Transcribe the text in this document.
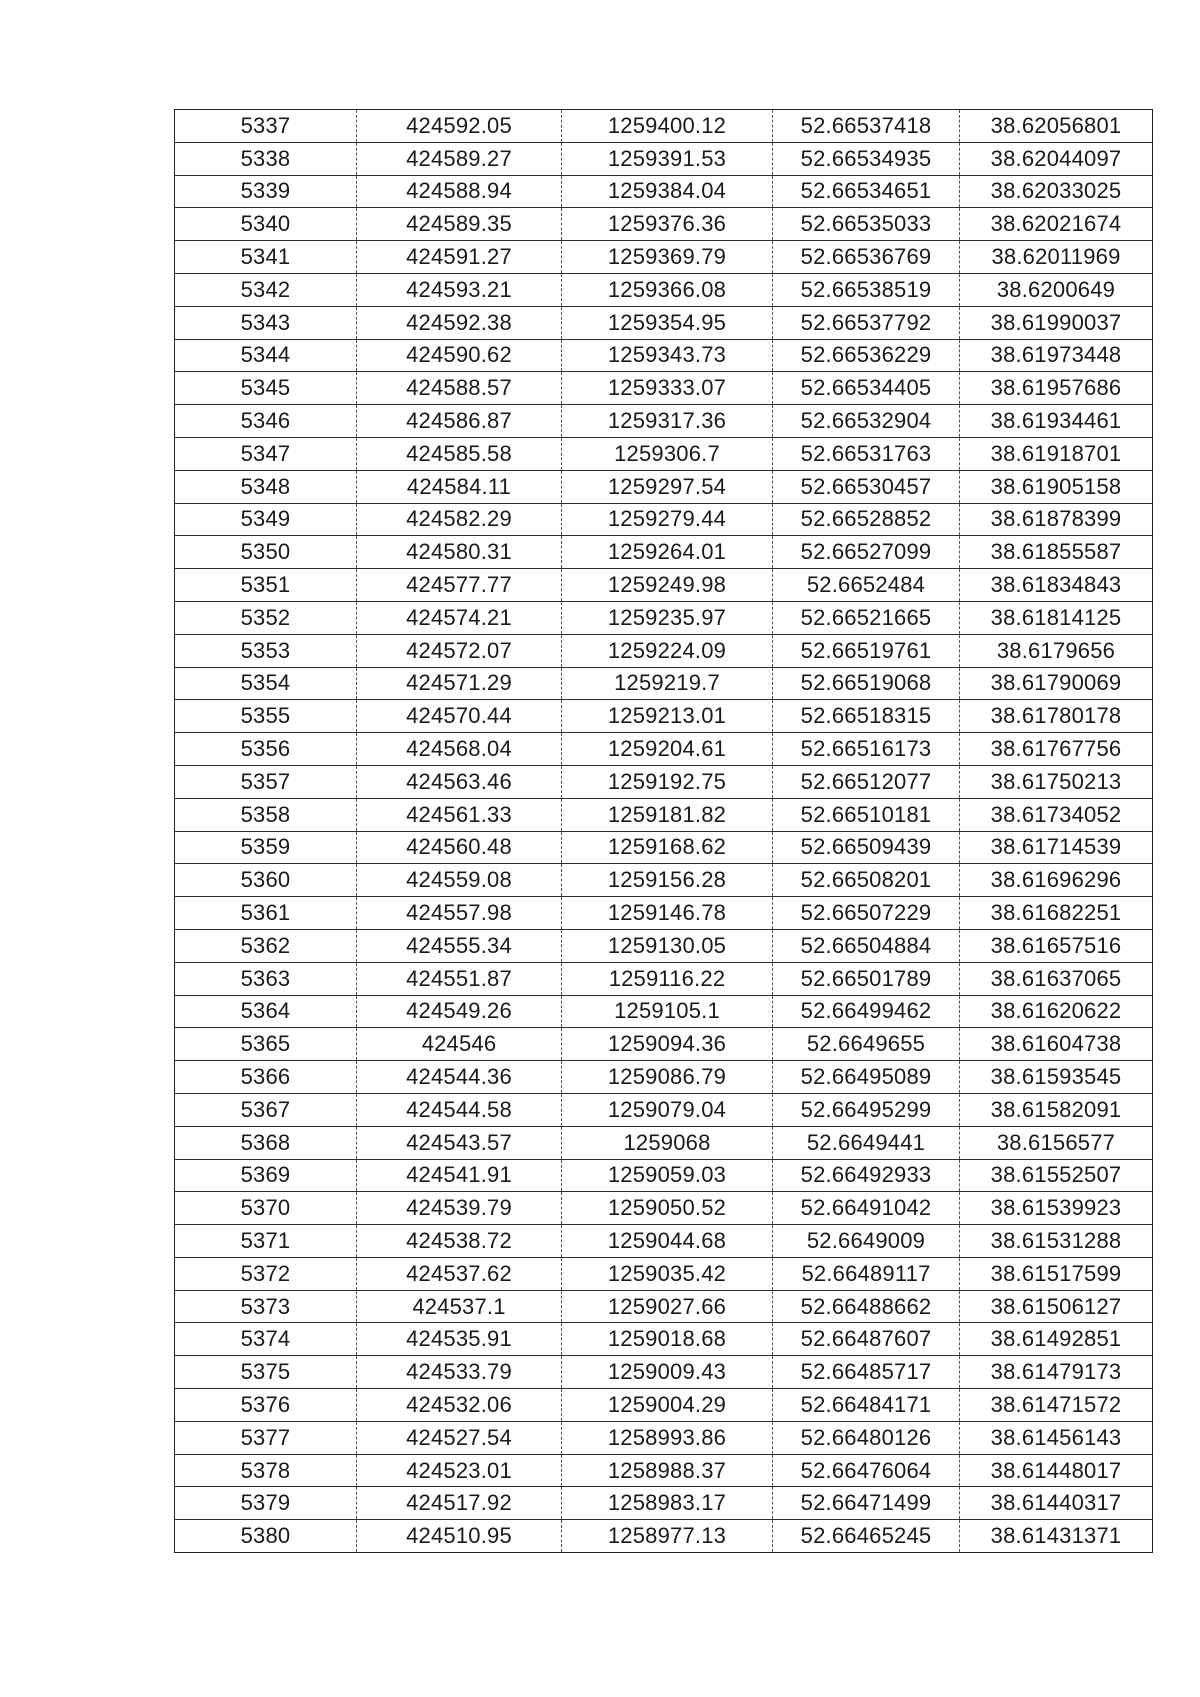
5337	424592.05	1259400.12	52.66537418	38.62056801
5338	424589.27	1259391.53	52.66534935	38.62044097
5339	424588.94	1259384.04	52.66534651	38.62033025
5340	424589.35	1259376.36	52.66535033	38.62021674
5341	424591.27	1259369.79	52.66536769	38.62011969
5342	424593.21	1259366.08	52.66538519	38.6200649
5343	424592.38	1259354.95	52.66537792	38.61990037
5344	424590.62	1259343.73	52.66536229	38.61973448
5345	424588.57	1259333.07	52.66534405	38.61957686
5346	424586.87	1259317.36	52.66532904	38.61934461
5347	424585.58	1259306.7	52.66531763	38.61918701
5348	424584.11	1259297.54	52.66530457	38.61905158
5349	424582.29	1259279.44	52.66528852	38.61878399
5350	424580.31	1259264.01	52.66527099	38.61855587
5351	424577.77	1259249.98	52.6652484	38.61834843
5352	424574.21	1259235.97	52.66521665	38.61814125
5353	424572.07	1259224.09	52.66519761	38.6179656
5354	424571.29	1259219.7	52.66519068	38.61790069
5355	424570.44	1259213.01	52.66518315	38.61780178
5356	424568.04	1259204.61	52.66516173	38.61767756
5357	424563.46	1259192.75	52.66512077	38.61750213
5358	424561.33	1259181.82	52.66510181	38.61734052
5359	424560.48	1259168.62	52.66509439	38.61714539
5360	424559.08	1259156.28	52.66508201	38.61696296
5361	424557.98	1259146.78	52.66507229	38.61682251
5362	424555.34	1259130.05	52.66504884	38.61657516
5363	424551.87	1259116.22	52.66501789	38.61637065
5364	424549.26	1259105.1	52.66499462	38.61620622
5365	424546	1259094.36	52.6649655	38.61604738
5366	424544.36	1259086.79	52.66495089	38.61593545
5367	424544.58	1259079.04	52.66495299	38.61582091
5368	424543.57	1259068	52.6649441	38.6156577
5369	424541.91	1259059.03	52.66492933	38.61552507
5370	424539.79	1259050.52	52.66491042	38.61539923
5371	424538.72	1259044.68	52.6649009	38.61531288
5372	424537.62	1259035.42	52.66489117	38.61517599
5373	424537.1	1259027.66	52.66488662	38.61506127
5374	424535.91	1259018.68	52.66487607	38.61492851
5375	424533.79	1259009.43	52.66485717	38.61479173
5376	424532.06	1259004.29	52.66484171	38.61471572
5377	424527.54	1258993.86	52.66480126	38.61456143
5378	424523.01	1258988.37	52.66476064	38.61448017
5379	424517.92	1258983.17	52.66471499	38.61440317
5380	424510.95	1258977.13	52.66465245	38.61431371
